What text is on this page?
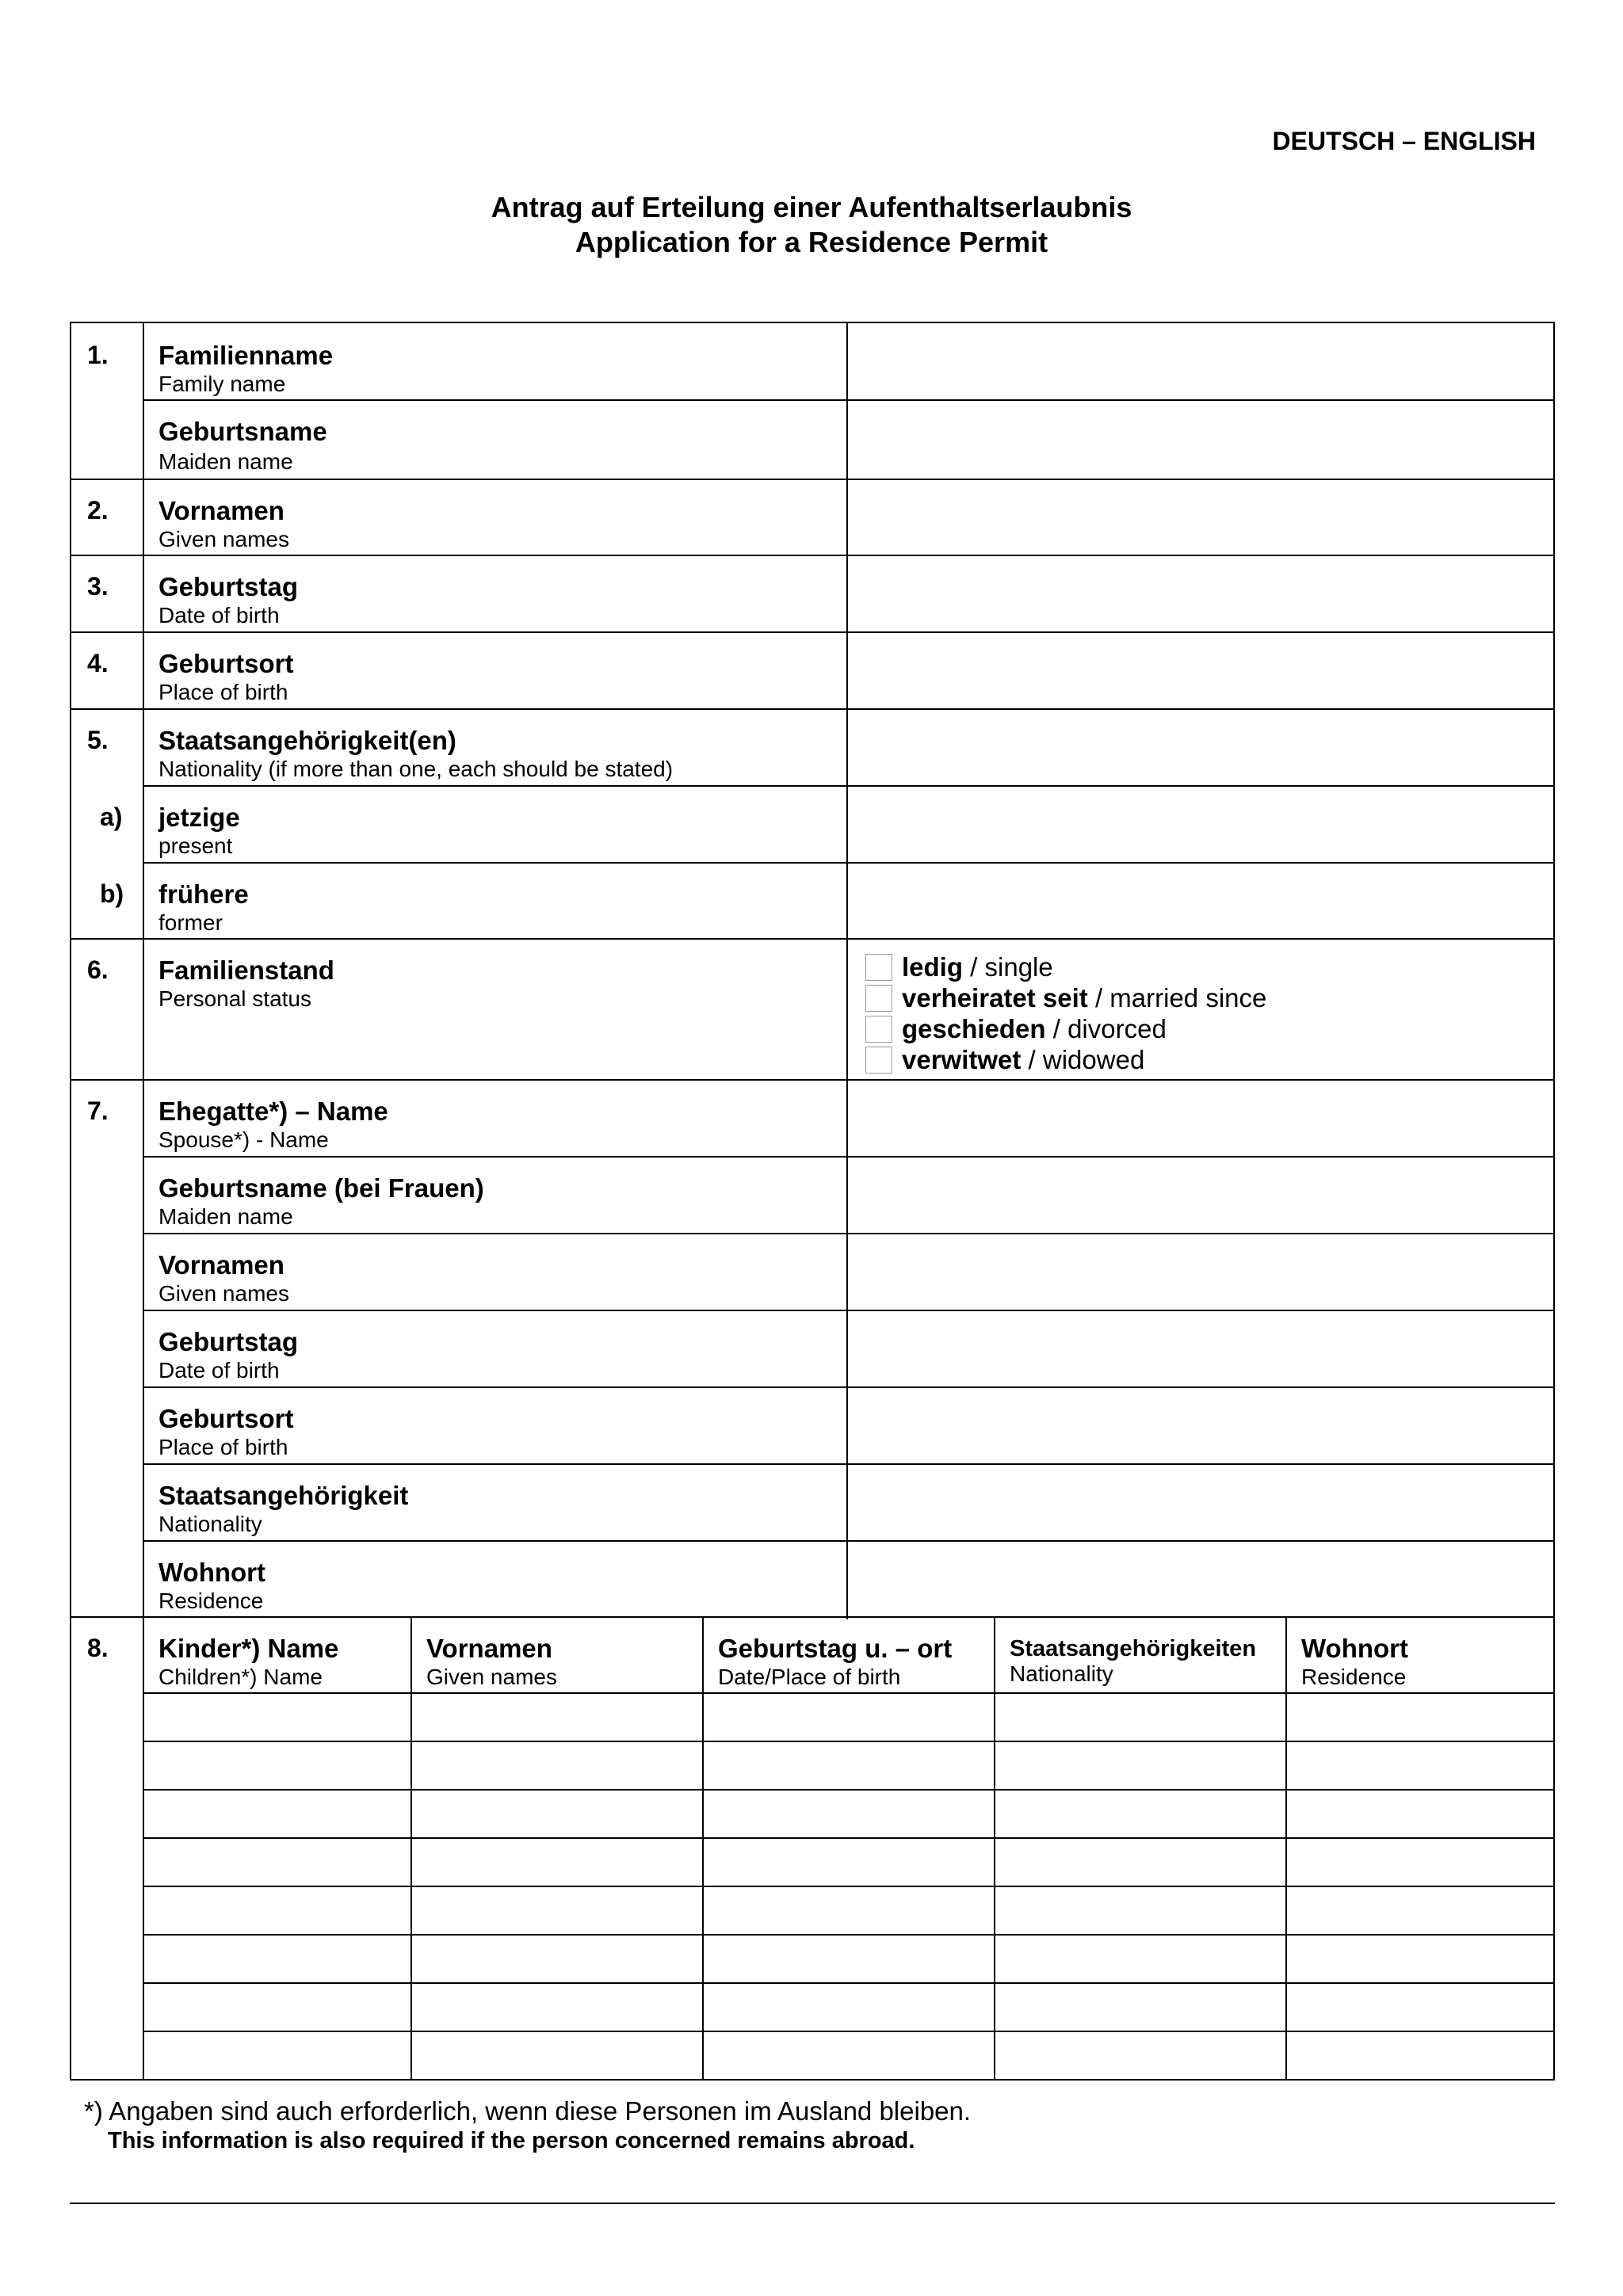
DEUTSCH – ENGLISH
Antrag auf Erteilung einer Aufenthaltserlaubnis
Application for a Residence Permit
1. Familienname
Family name
Geburtsname
Maiden name
2. Vornamen
Given names
3. Geburtstag
Date of birth
4. Geburtsort
Place of birth
5. Staatsangehörigkeit(en)
Nationality (if more than one, each should be stated)
a) jetzige
present
b) frühere
former
6. Familienstand
Personal status
ledig / single
verheiratet seit / married since
geschieden / divorced
verwitwet / widowed
7. Ehegatte*) – Name
Spouse*) - Name
Geburtsname (bei Frauen)
Maiden name
Vornamen
Given names
Geburtstag
Date of birth
Geburtsort
Place of birth
Staatsangehörigkeit
Nationality
Wohnort
Residence
8. Kinder*) Name
Children*) Name
Vornamen
Given names
Geburtstag u. – ort
Date/Place of birth
Staatsangehörigkeiten
Nationality
Wohnort
Residence
*) Angaben sind auch erforderlich, wenn diese Personen im Ausland bleiben.
This information is also required if the person concerned remains abroad.
